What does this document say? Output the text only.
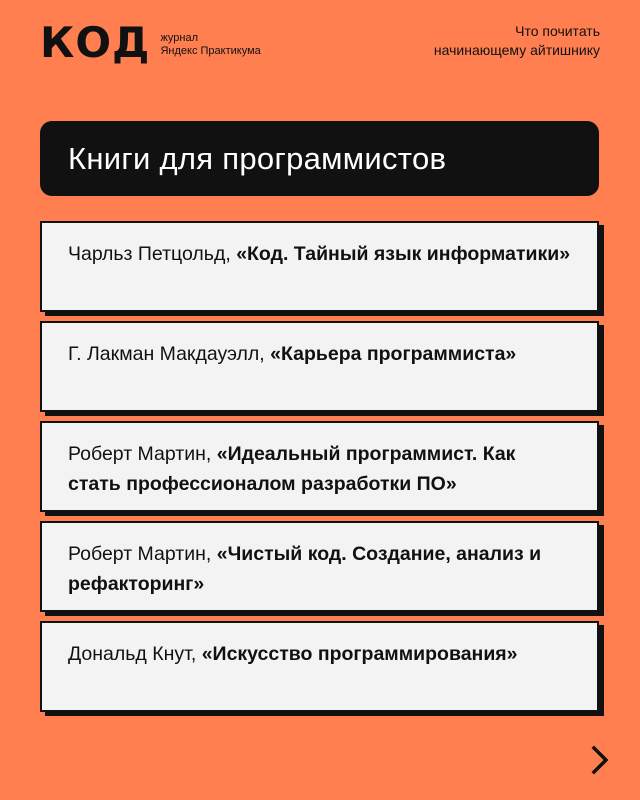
КОД журнал
Яндекс Практикума
Что почитать
начинающему айтишнику
Книги для программистов
Чарльз Петцольд, «Код. Тайный язык информатики»
Г. Лакман Макдауэлл, «Карьера программиста»
Роберт Мартин, «Идеальный программист. Как стать профессионалом разработки ПО»
Роберт Мартин, «Чистый код. Создание, анализ и рефакторинг»
Дональд Кнут, «Искусство программирования»
